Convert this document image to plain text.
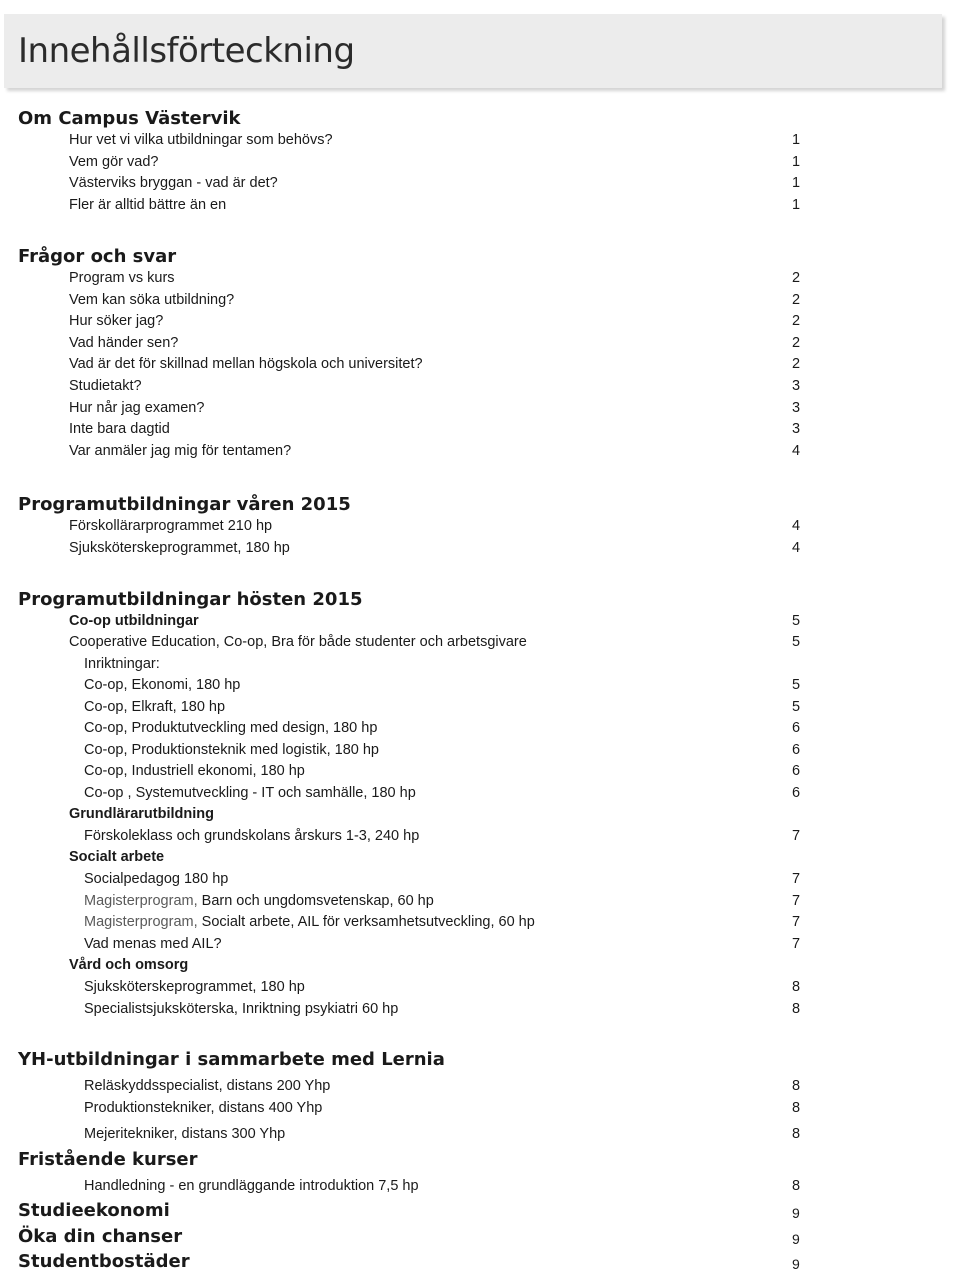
Innehållsförteckning
Om Campus Västervik
Hur vet vi vilka utbildningar som behövs?	1
Vem gör vad?	1
Västerviks bryggan - vad är det?	1
Fler är alltid bättre än en	1
Frågor och svar
Program vs kurs	2
Vem kan söka utbildning?	2
Hur söker jag?	2
Vad händer sen?	2
Vad är det för skillnad mellan högskola och universitet?	2
Studietakt?	3
Hur når jag examen?	3
Inte bara dagtid	3
Var anmäler jag mig för tentamen?	4
Programutbildningar våren 2015
Förskollärarprogrammet 210 hp	4
Sjuksköterskeprogrammet, 180 hp	4
Programutbildningar hösten 2015
Co-op utbildningar	5
Cooperative Education, Co-op, Bra för både studenter och arbetsgivare	5
Inriktningar:
Co-op, Ekonomi, 180 hp	5
Co-op, Elkraft, 180 hp	5
Co-op, Produktutveckling med design, 180 hp	6
Co-op, Produktionsteknik med logistik, 180 hp	6
Co-op, Industriell ekonomi, 180 hp	6
Co-op , Systemutveckling - IT och samhälle, 180 hp	6
Grundlärarutbildning
Förskoleklass och grundskolans årskurs 1-3, 240 hp	7
Socialt arbete
Socialpedagog 180 hp	7
Magisterprogram, Barn och ungdomsvetenskap, 60 hp	7
Magisterprogram, Socialt arbete, AIL för verksamhetsutveckling, 60 hp	7
Vad menas med AIL?	7
Vård och omsorg
Sjuksköterskeprogrammet, 180 hp	8
Specialistsjuksköterska, Inriktning psykiatri 60 hp	8
YH-utbildningar i sammarbete med Lernia
Reläskyddsspecialist, distans 200 Yhp	8
Produktionstekniker, distans 400 Yhp	8
Mejeritekniker, distans 300 Yhp	8
Fristående kurser
Handledning - en grundläggande introduktion 7,5 hp	8
Studieekonomi	9
Öka din chanser	9
Studentbostäder	9
